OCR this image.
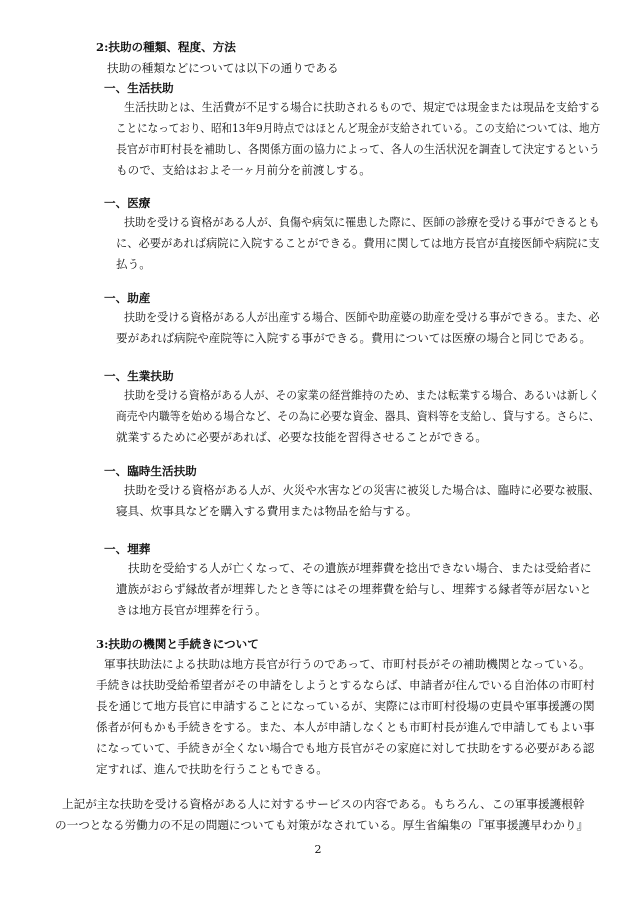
2:扶助の種類、程度、方法
扶助の種類などについては以下の通りである
一、生活扶助
生活扶助とは、生活費が不足する場合に扶助されるもので、規定では現金または現品を支給する
ことになっており、昭和13年9月時点ではほとんど現金が支給されている。この支給については、地方
長官が市町村長を補助し、各関係方面の協力によって、各人の生活状況を調査して決定するという
もので、支給はおよそ一ヶ月前分を前渡しする。
一、医療
扶助を受ける資格がある人が、負傷や病気に罹患した際に、医師の診療を受ける事ができるとも
に、必要があれば病院に入院することができる。費用に関しては地方長官が直接医師や病院に支
払う。
一、助産
扶助を受ける資格がある人が出産する場合、医師や助産婆の助産を受ける事ができる。また、必
要があれば病院や産院等に入院する事ができる。費用については医療の場合と同じである。
一、生業扶助
扶助を受ける資格がある人が、その家業の経営維持のため、または転業する場合、あるいは新しく
商売や内職等を始める場合など、その為に必要な資金、器具、資料等を支給し、貸与する。さらに、
就業するために必要があれば、必要な技能を習得させることができる。
一、臨時生活扶助
扶助を受ける資格がある人が、火災や水害などの災害に被災した場合は、臨時に必要な被服、
寝具、炊事具などを購入する費用または物品を給与する。
一、埋葬
扶助を受給する人が亡くなって、その遺族が埋葬費を捻出できない場合、または受給者に
遺族がおらず縁故者が埋葬したとき等にはその埋葬費を給与し、埋葬する縁者等が居ないと
きは地方長官が埋葬を行う。
3:扶助の機関と手続きについて
軍事扶助法による扶助は地方長官が行うのであって、市町村長がその補助機関となっている。
手続きは扶助受給希望者がその申請をしようとするならば、申請者が住んでいる自治体の市町村
長を通じて地方長官に申請することになっているが、実際には市町村役場の吏員や軍事援護の関
係者が何もかも手続きをする。また、本人が申請しなくとも市町村長が進んで申請してもよい事
になっていて、手続きが全くない場合でも地方長官がその家庭に対して扶助をする必要がある認
定すれば、進んで扶助を行うこともできる。
上記が主な扶助を受ける資格がある人に対するサービスの内容である。もちろん、この軍事援護根幹
の一つとなる労働力の不足の問題についても対策がなされている。厚生省編集の『軍事援護早わかり』
2
